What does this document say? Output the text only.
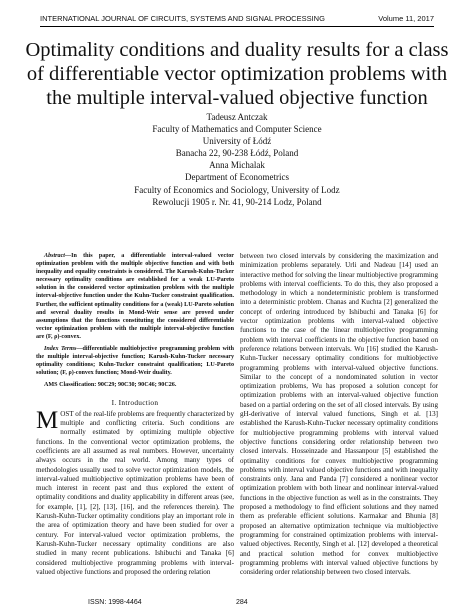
INTERNATIONAL JOURNAL OF CIRCUITS, SYSTEMS AND SIGNAL PROCESSING	Volume 11, 2017
Optimality conditions and duality results for a class of differentiable vector optimization problems with the multiple interval-valued objective function
Tadeusz Antczak
Faculty of Mathematics and Computer Science
University of Łódź
Banacha 22, 90-238 Łódź, Poland
Anna Michalak
Department of Econometrics
Faculty of Economics and Sociology, University of Lodz
Rewolucji 1905 r. Nr. 41, 90-214 Lodz, Poland

Abstract—In this paper, a differentiable interval-valued vector optimization problem with the multiple objective function and with both inequality and equality constraints is considered. The Karush-Kuhn-Tucker necessary optimality conditions are established for a weak LU-Pareto solution in the considered vector optimization problem with the multiple interval-objective function under the Kuhn-Tucker constraint qualification. Further, the sufficient optimality conditions for a (weak) LU-Pareto solution and several duality results in Mond-Weir sense are proved under assumptions that the functions constituting the considered differentiable vector optimization problem with the multiple interval-objective function are (F, ρ)-convex.

Index Terms—differentiable multiobjective programming problem with the multiple interval-objective function; Karush-Kuhn-Tucker necessary optimality conditions; Kuhn-Tucker constraint qualification; LU-Pareto solution; (F, ρ)-convex function; Mond-Weir duality.

AMS Classification: 90C29; 90C30; 90C46; 90C26.

I. Introduction

MOST of the real-life problems are frequently characterized by multiple and conflicting criteria. Such conditions are normally estimated by optimizing multiple objective functions. In the conventional vector optimization problems, the coefficients are all assumed as real numbers. However, uncertainty always occurs in the real world. Among many types of methodologies usually used to solve vector optimization models, the interval-valued multiobjective optimization problems have been of much interest in recent past and thus explored the extent of optimality conditions and duality applicability in different areas (see, for example, [1], [2], [13], [16], and the references therein). The Karush-Kuhn-Tucker optimality conditions play an important role in the area of optimization theory and have been studied for over a century. For interval-valued vector optimization problems, the Karush-Kuhn-Tucker necessary optimality conditions are also studied in many recent publications. Ishibuchi and Tanaka [6] considered multiobjective programming problems with interval-valued objective functions and proposed the ordering relation

between two closed intervals by considering the maximization and minimization problems separately. Urli and Nadeau [14] used an interactive method for solving the linear multiobjective programming problems with interval coefficients. To do this, they also proposed a methodology in which a nondeterministic problem is transformed into a deterministic problem. Chanas and Kuchta [2] generalized the concept of ordering introduced by Ishibuchi and Tanaka [6] for vector optimization problems with interval-valued objective functions to the case of the linear multiobjective programming problem with interval coefficients in the objective function based on preference relations between intervals. Wu [16] studied the Karush-Kuhn-Tucker necessary optimality conditions for multiobjective programming problems with interval-valued objective functions. Similar to the concept of a nondominated solution in vector optimization problems, Wu has proposed a solution concept for optimization problems with an interval-valued objective function based on a partial ordering on the set of all closed intervals. By using gH-derivative of interval valued functions, Singh et al. [13] established the Karush-Kuhn-Tucker necessary optimality conditions for multiobjective programming problems with interval valued objective functions considering order relationship between two closed intervals. Hosseinzade and Hassanpour [5] established the optimality conditions for convex multiobjective programming problems with interval valued objective functions and with inequality constraints only. Jana and Panda [7] considered a nonlinear vector optimization problem with both linear and nonlinear interval-valued functions in the objective function as well as in the constraints. They proposed a methodology to find efficient solutions and they named them as preferable efficient solutions. Karmakar and Bhunia [8] proposed an alternative optimization technique via multiobjective programming for constrained optimization problems with interval-valued objectives. Recently, Singh et al. [12] developed a theoretical and practical solution method for convex multiobjective programming problems with interval valued objective functions by considering order relationship between two closed intervals.

ISSN: 1998-4464	284
